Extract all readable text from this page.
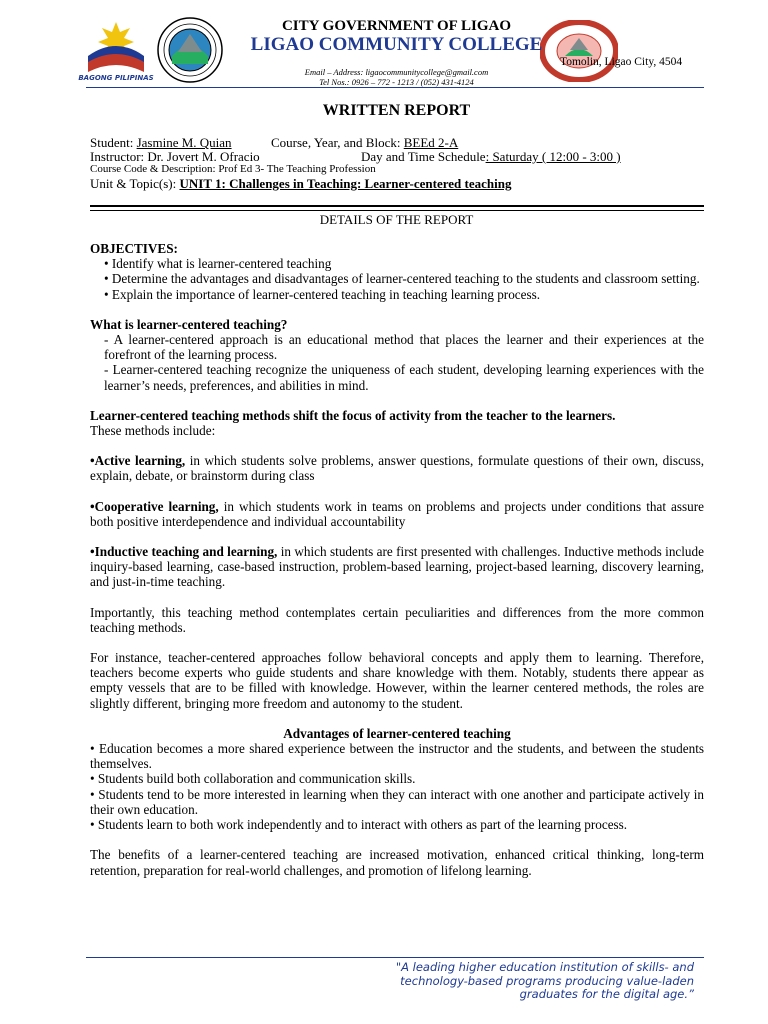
BAGONG PILIPINAS
CITY GOVERNMENT OF LIGAO
LIGAO COMMUNITY COLLEGE
Tomolin, Ligao City, 4504
Email – Address: ligaocommunitycollege@gmail.com
Tel Nos.: 0926 – 772 - 1213 / (052) 431-4124
WRITTEN REPORT
Student: Jasmine M. Quian	Course, Year, and Block: BEEd 2-A
Instructor: Dr. Jovert M. Ofracio	Day and Time Schedule: Saturday ( 12:00 - 3:00 )
Course Code & Description: Prof Ed 3- The Teaching Profession
Unit & Topic(s): UNIT 1: Challenges in Teaching: Learner-centered teaching
DETAILS OF THE REPORT

OBJECTIVES:

• Identify what is learner-centered teaching

• Determine the advantages and disadvantages of learner-centered teaching to the students and classroom setting.

• Explain the importance of learner-centered teaching in teaching learning process.

What is learner-centered teaching?

- A learner-centered approach is an educational method that places the learner and their experiences at the forefront of the learning process.

- Learner-centered teaching recognize the uniqueness of each student, developing learning experiences with the learner’s needs, preferences, and abilities in mind.

Learner-centered teaching methods shift the focus of activity from the teacher to the learners.

These methods include:

•Active learning, in which students solve problems, answer questions, formulate questions of their own, discuss, explain, debate, or brainstorm during class

•Cooperative learning, in which students work in teams on problems and projects under conditions that assure both positive interdependence and individual accountability

•Inductive teaching and learning, in which students are first presented with challenges. Inductive methods include inquiry-based learning, case-based instruction, problem-based learning, project-based learning, discovery learning, and just-in-time teaching.

Importantly, this teaching method contemplates certain peculiarities and differences from the more common teaching methods.

For instance, teacher-centered approaches follow behavioral concepts and apply them to learning. Therefore, teachers become experts who guide students and share knowledge with them. Notably, students there appear as empty vessels that are to be filled with knowledge. However, within the learner centered methods, the roles are slightly different, bringing more freedom and autonomy to the student.

Advantages of learner-centered teaching

• Education becomes a more shared experience between the instructor and the students, and between the students themselves.

• Students build both collaboration and communication skills.

• Students tend to be more interested in learning when they can interact with one another and participate actively in their own education.

• Students learn to both work independently and to interact with others as part of the learning process.

The benefits of a learner-centered teaching are increased motivation, enhanced critical thinking, long-term retention, preparation for real-world challenges, and promotion of lifelong learning.

"A leading higher education institution of skills- and
technology-based programs producing value-laden
graduates for the digital age.”
